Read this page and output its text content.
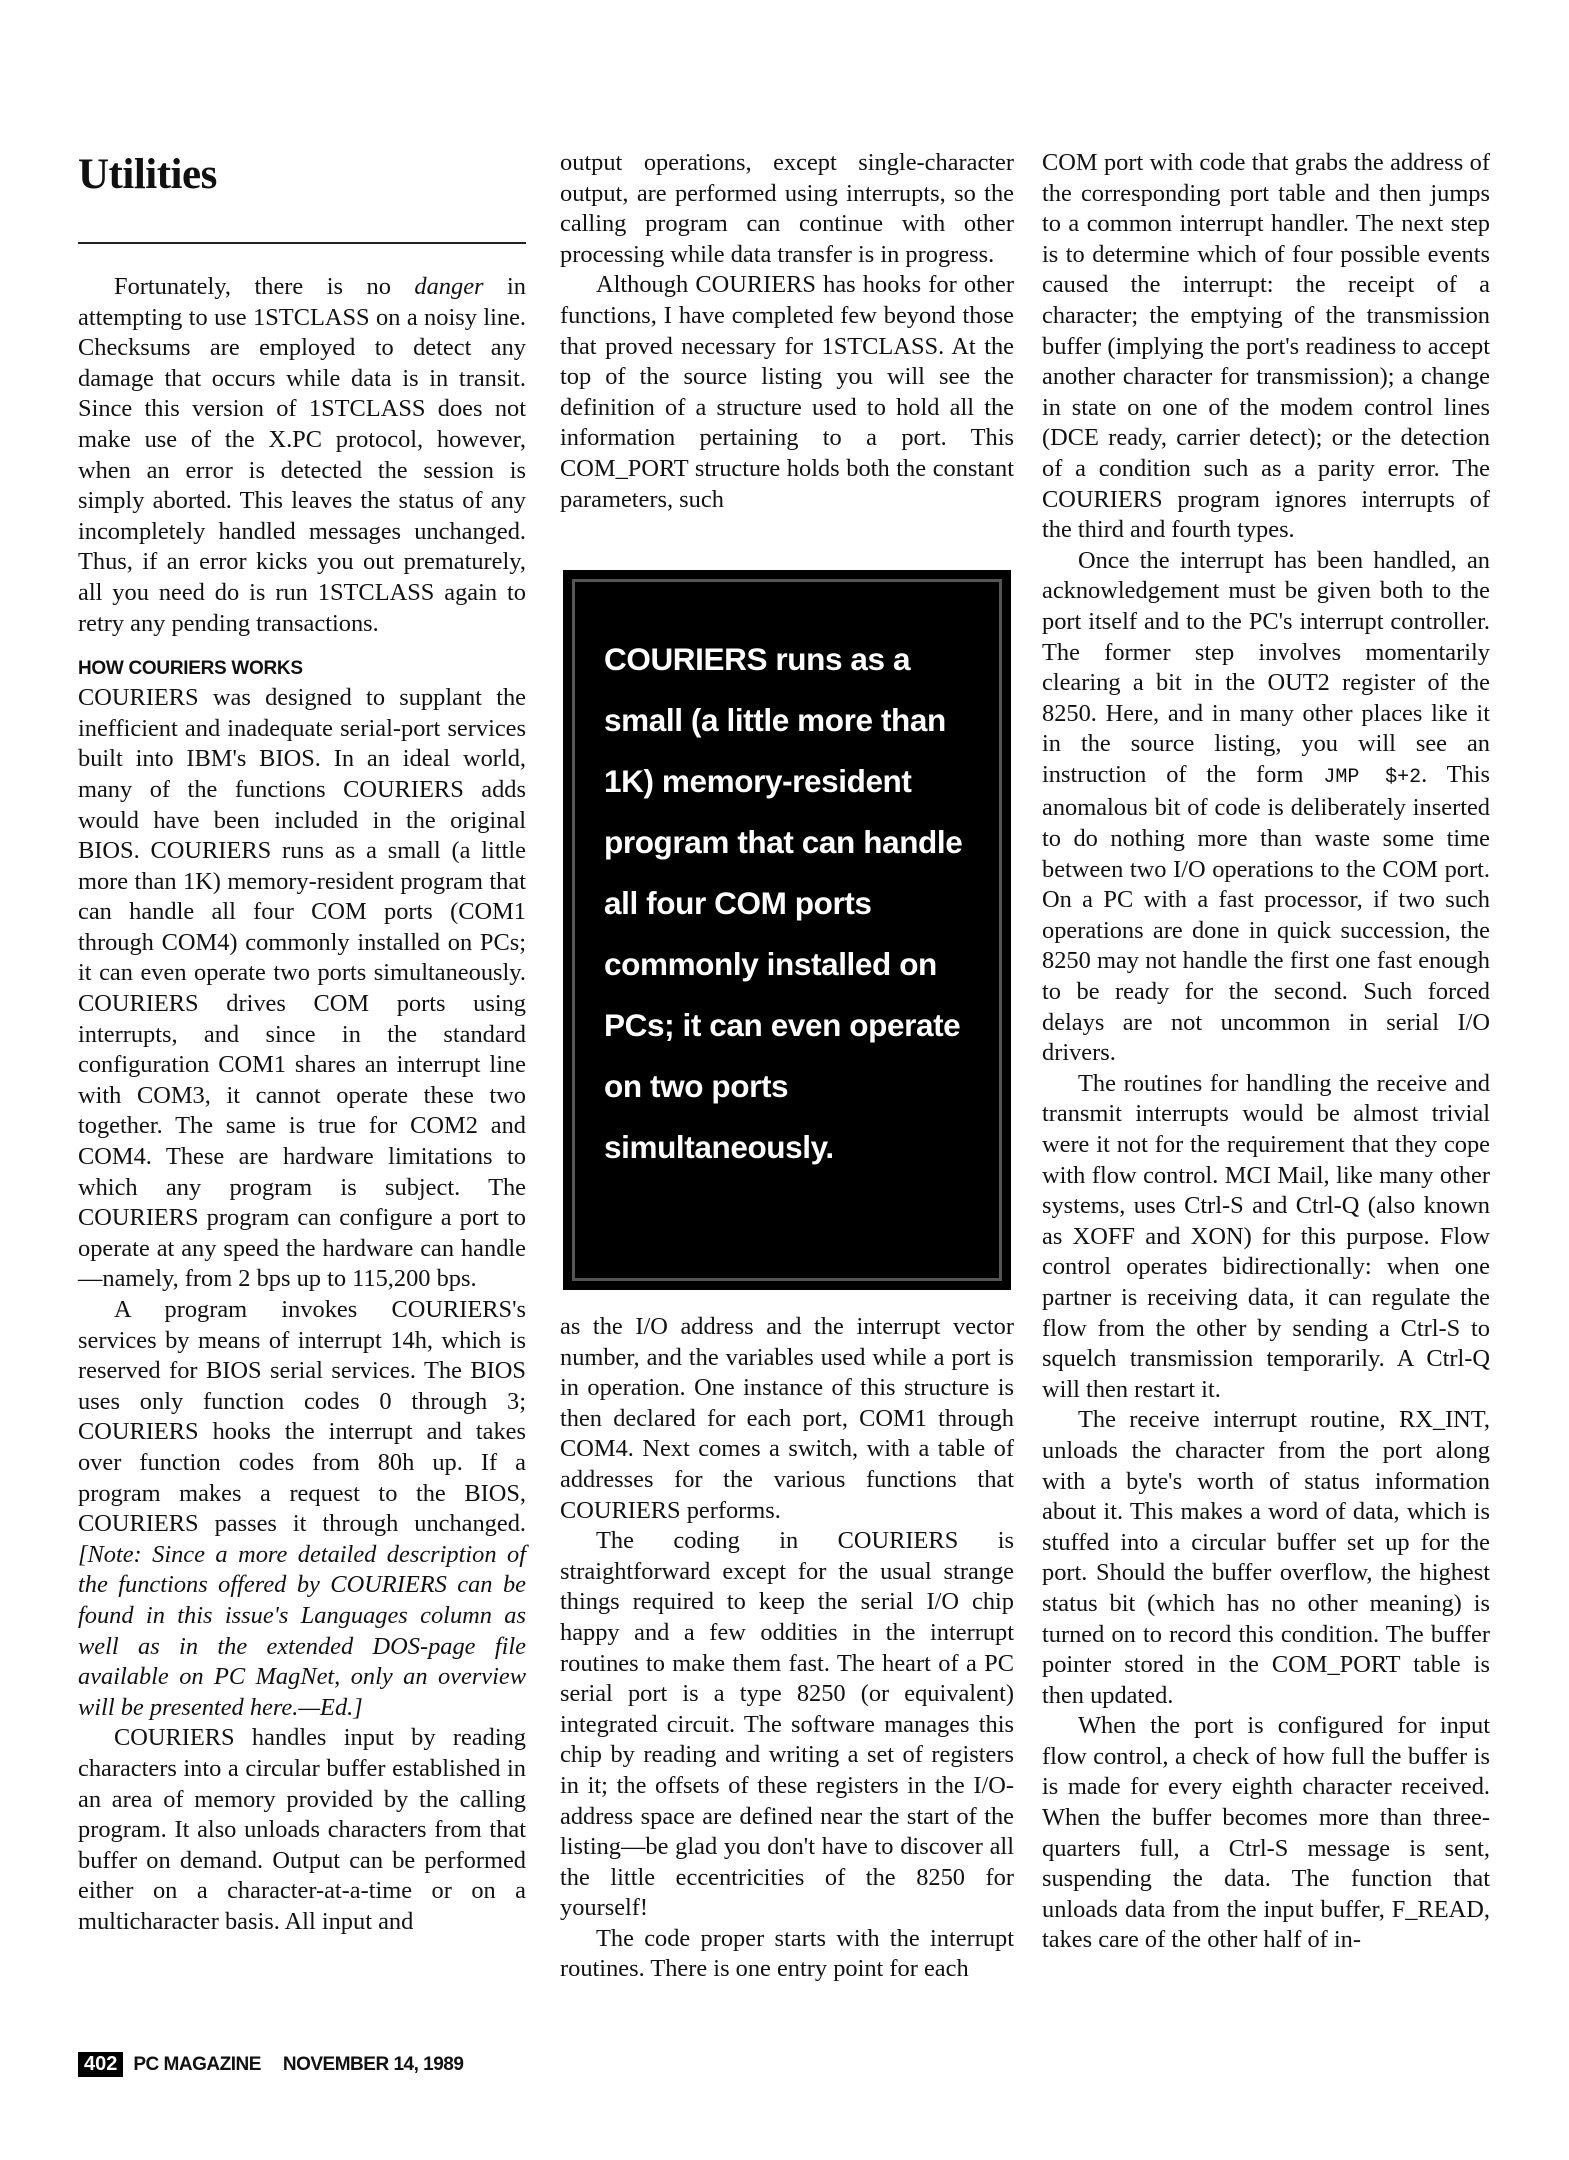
Utilities

Fortunately, there is no danger in attempting to use 1STCLASS on a noisy line. Checksums are employed to detect any damage that occurs while data is in transit. Since this version of 1STCLASS does not make use of the X.PC protocol, however, when an error is detected the session is simply aborted. This leaves the status of any incompletely handled messages unchanged. Thus, if an error kicks you out prematurely, all you need do is run 1STCLASS again to retry any pending transactions.

HOW COURIERS WORKS

COURIERS was designed to supplant the inefficient and inadequate serial-port services built into IBM's BIOS. In an ideal world, many of the functions COURIERS adds would have been included in the original BIOS. COURIERS runs as a small (a little more than 1K) memory-resident program that can handle all four COM ports (COM1 through COM4) commonly installed on PCs; it can even operate two ports simultaneously. COURIERS drives COM ports using interrupts, and since in the standard configuration COM1 shares an interrupt line with COM3, it cannot operate these two together. The same is true for COM2 and COM4. These are hardware limitations to which any program is subject. The COURIERS program can configure a port to operate at any speed the hardware can handle—namely, from 2 bps up to 115,200 bps.

A program invokes COURIERS's services by means of interrupt 14h, which is reserved for BIOS serial services. The BIOS uses only function codes 0 through 3; COURIERS hooks the interrupt and takes over function codes from 80h up. If a program makes a request to the BIOS, COURIERS passes it through unchanged. [Note: Since a more detailed description of the functions offered by COURIERS can be found in this issue's Languages column as well as in the extended DOS-page file available on PC MagNet, only an overview will be presented here.—Ed.]

COURIERS handles input by reading characters into a circular buffer established in an area of memory provided by the calling program. It also unloads characters from that buffer on demand. Output can be performed either on a character-at-a-time or on a multicharacter basis. All input and

output operations, except single-character output, are performed using interrupts, so the calling program can continue with other processing while data transfer is in progress.

Although COURIERS has hooks for other functions, I have completed few beyond those that proved necessary for 1STCLASS. At the top of the source listing you will see the definition of a structure used to hold all the information pertaining to a port. This COM_PORT structure holds both the constant parameters, such

COURIERS runs as a small (a little more than 1K) memory-resident program that can handle all four COM ports commonly installed on PCs; it can even operate on two ports simultaneously.

as the I/O address and the interrupt vector number, and the variables used while a port is in operation. One instance of this structure is then declared for each port, COM1 through COM4. Next comes a switch, with a table of addresses for the various functions that COURIERS performs.

The coding in COURIERS is straightforward except for the usual strange things required to keep the serial I/O chip happy and a few oddities in the interrupt routines to make them fast. The heart of a PC serial port is a type 8250 (or equivalent) integrated circuit. The software manages this chip by reading and writing a set of registers in it; the offsets of these registers in the I/O-address space are defined near the start of the listing—be glad you don't have to discover all the little eccentricities of the 8250 for yourself!

The code proper starts with the interrupt routines. There is one entry point for each

COM port with code that grabs the address of the corresponding port table and then jumps to a common interrupt handler. The next step is to determine which of four possible events caused the interrupt: the receipt of a character; the emptying of the transmission buffer (implying the port's readiness to accept another character for transmission); a change in state on one of the modem control lines (DCE ready, carrier detect); or the detection of a condition such as a parity error. The COURIERS program ignores interrupts of the third and fourth types.

Once the interrupt has been handled, an acknowledgement must be given both to the port itself and to the PC's interrupt controller. The former step involves momentarily clearing a bit in the OUT2 register of the 8250. Here, and in many other places like it in the source listing, you will see an instruction of the form JMP $+2. This anomalous bit of code is deliberately inserted to do nothing more than waste some time between two I/O operations to the COM port. On a PC with a fast processor, if two such operations are done in quick succession, the 8250 may not handle the first one fast enough to be ready for the second. Such forced delays are not uncommon in serial I/O drivers.

The routines for handling the receive and transmit interrupts would be almost trivial were it not for the requirement that they cope with flow control. MCI Mail, like many other systems, uses Ctrl-S and Ctrl-Q (also known as XOFF and XON) for this purpose. Flow control operates bidirectionally: when one partner is receiving data, it can regulate the flow from the other by sending a Ctrl-S to squelch transmission temporarily. A Ctrl-Q will then restart it.

The receive interrupt routine, RX_INT, unloads the character from the port along with a byte's worth of status information about it. This makes a word of data, which is stuffed into a circular buffer set up for the port. Should the buffer overflow, the highest status bit (which has no other meaning) is turned on to record this condition. The buffer pointer stored in the COM_PORT table is then updated.

When the port is configured for input flow control, a check of how full the buffer is is made for every eighth character received. When the buffer becomes more than three-quarters full, a Ctrl-S message is sent, suspending the data. The function that unloads data from the input buffer, F_READ, takes care of the other half of in-

402 PC MAGAZINE NOVEMBER 14, 1989
